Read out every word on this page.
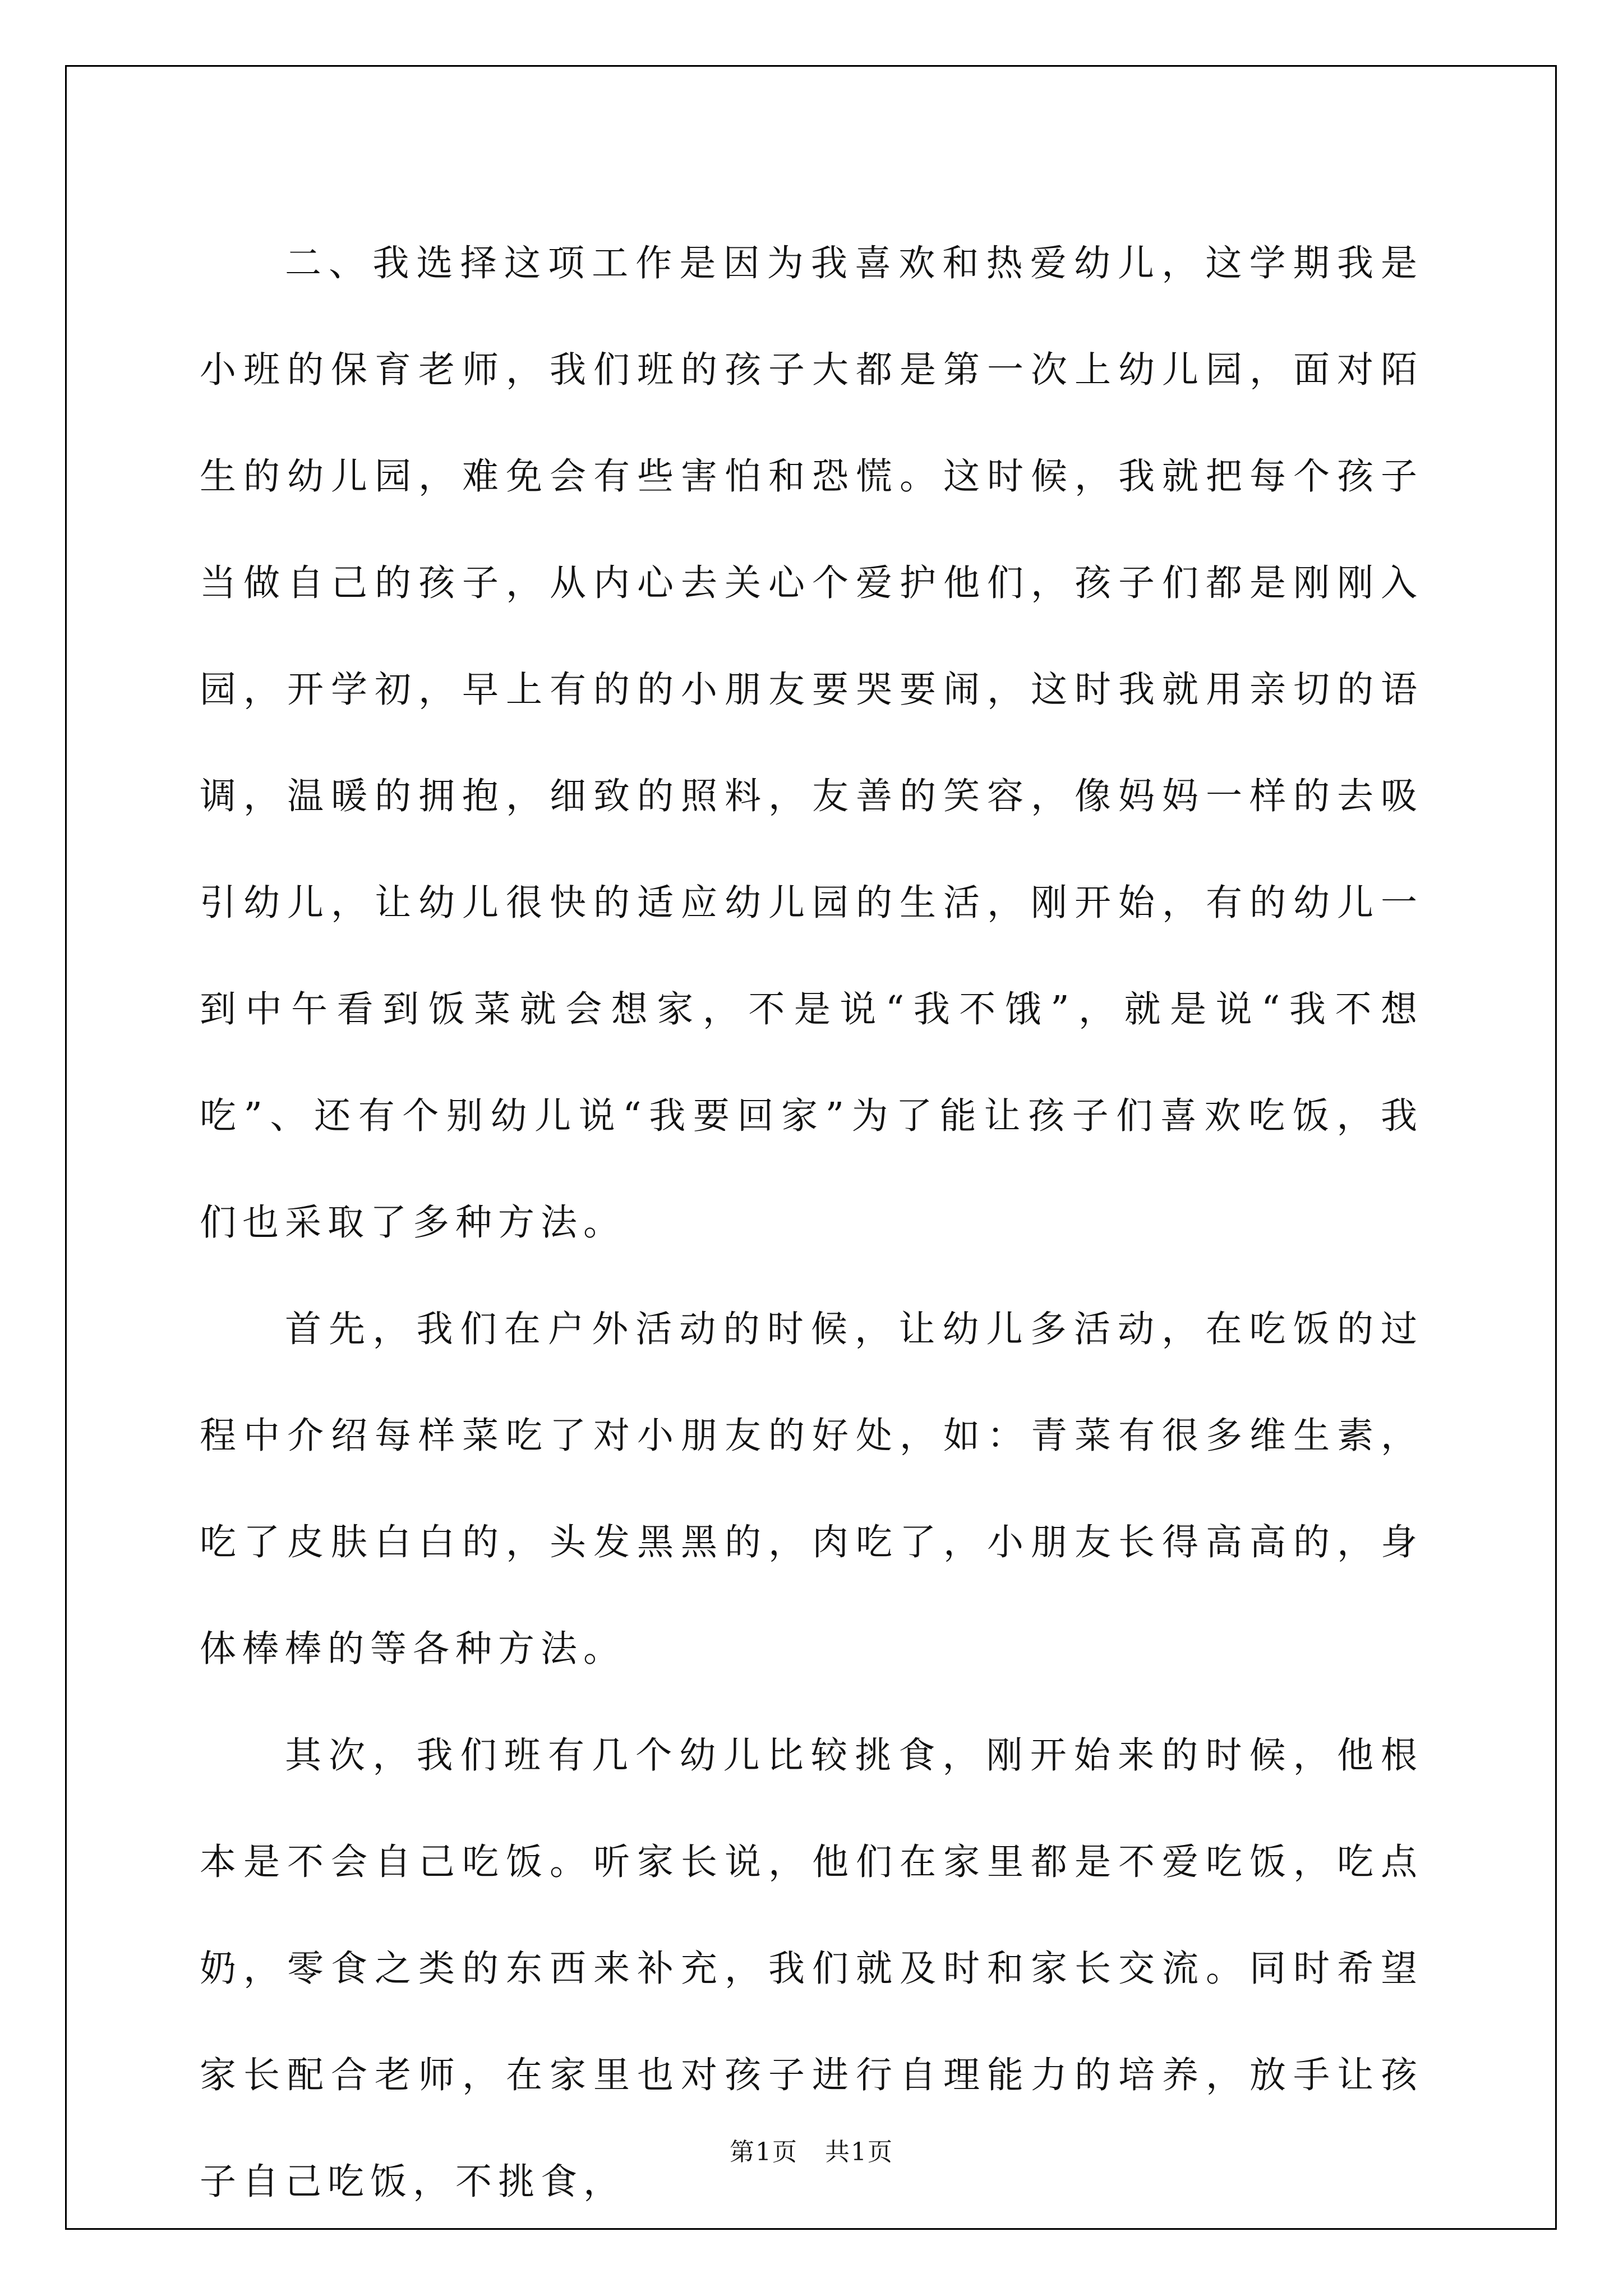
二、我选择这项工作是因为我喜欢和热爱幼儿，这学期我是小班的保育老师，我们班的孩子大都是第一次上幼儿园，面对陌生的幼儿园，难免会有些害怕和恐慌。这时候，我就把每个孩子当做自己的孩子，从内心去关心个爱护他们，孩子们都是刚刚入园，开学初，早上有的的小朋友要哭要闹，这时我就用亲切的语调，温暖的拥抱，细致的照料，友善的笑容，像妈妈一样的去吸引幼儿，让幼儿很快的适应幼儿园的生活，刚开始，有的幼儿一到中午看到饭菜就会想家，不是说“我不饿”，就是说“我不想吃”、还有个别幼儿说“我要回家”为了能让孩子们喜欢吃饭，我们也采取了多种方法。

首先，我们在户外活动的时候，让幼儿多活动，在吃饭的过程中介绍每样菜吃了对小朋友的好处，如：青菜有很多维生素，吃了皮肤白白的，头发黑黑的，肉吃了，小朋友长得高高的，身体棒棒的等各种方法。

其次，我们班有几个幼儿比较挑食，刚开始来的时候，他根本是不会自己吃饭。听家长说，他们在家里都是不爱吃饭，吃点奶，零食之类的东西来补充，我们就及时和家长交流。同时希望家长配合老师，在家里也对孩子进行自理能力的培养，放手让孩子自己吃饭，不挑食，

第1页 共1页
